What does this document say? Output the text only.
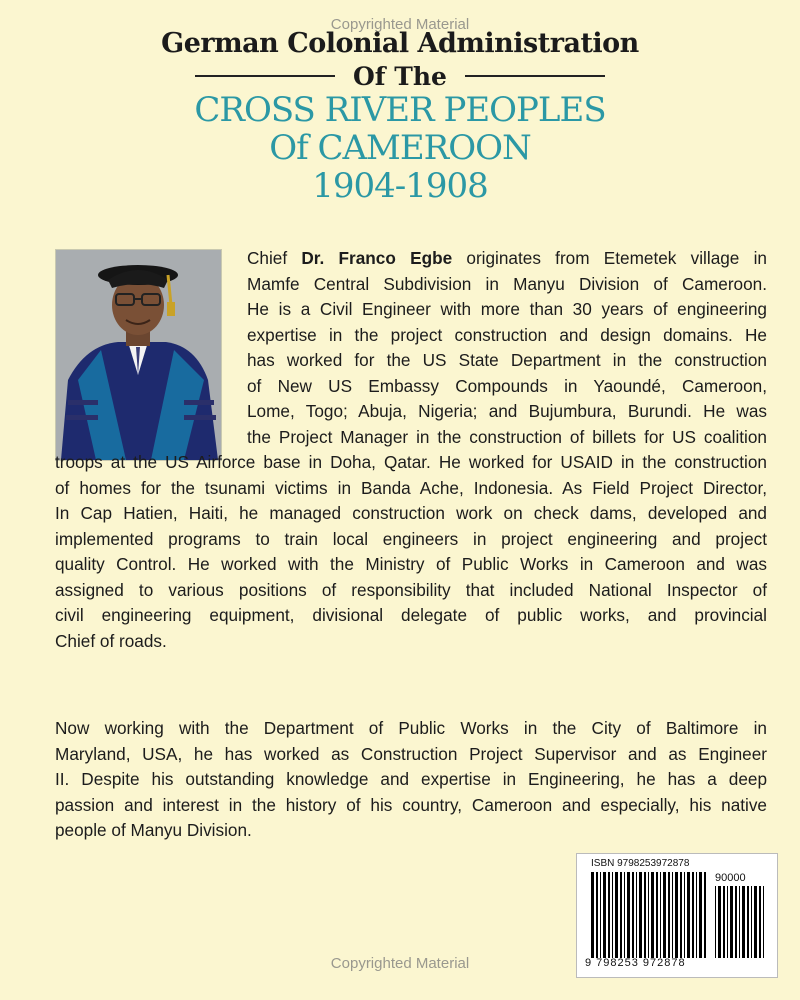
Copyrighted Material
German Colonial Administration
Of The
CROSS RIVER PEOPLES
Of CAMEROON
1904-1908
Chief Dr. Franco Egbe originates from Etemetek village in
Mamfe Central Subdivision in Manyu Division of Cameroon.
He is a Civil Engineer with more than 30 years of engineering
expertise in the project construction and design domains. He
has worked for the US State Department in the construction
of New US Embassy Compounds in Yaoundé, Cameroon,
Lome, Togo; Abuja, Nigeria; and Bujumbura, Burundi. He was
the Project Manager in the construction of billets for US coalition
troops at the US Airforce base in Doha, Qatar. He worked for USAID in the construction
of homes for the tsunami victims in Banda Ache, Indonesia. As Field Project Director,
In Cap Hatien, Haiti, he managed construction work on check dams, developed and
implemented programs to train local engineers in project engineering and project
quality Control. He worked with the Ministry of Public Works in Cameroon and was
assigned to various positions of responsibility that included National Inspector of
civil engineering equipment, divisional delegate of public works, and provincial
Chief of roads.
Now working with the Department of Public Works in the City of Baltimore in
Maryland, USA, he has worked as Construction Project Supervisor and as Engineer
II. Despite his outstanding knowledge and expertise in Engineering, he has a deep
passion and interest in the history of his country, Cameroon and especially, his native
people of Manyu Division.
ISBN 9798253972878
90000
9 798253 972878
Copyrighted Material
